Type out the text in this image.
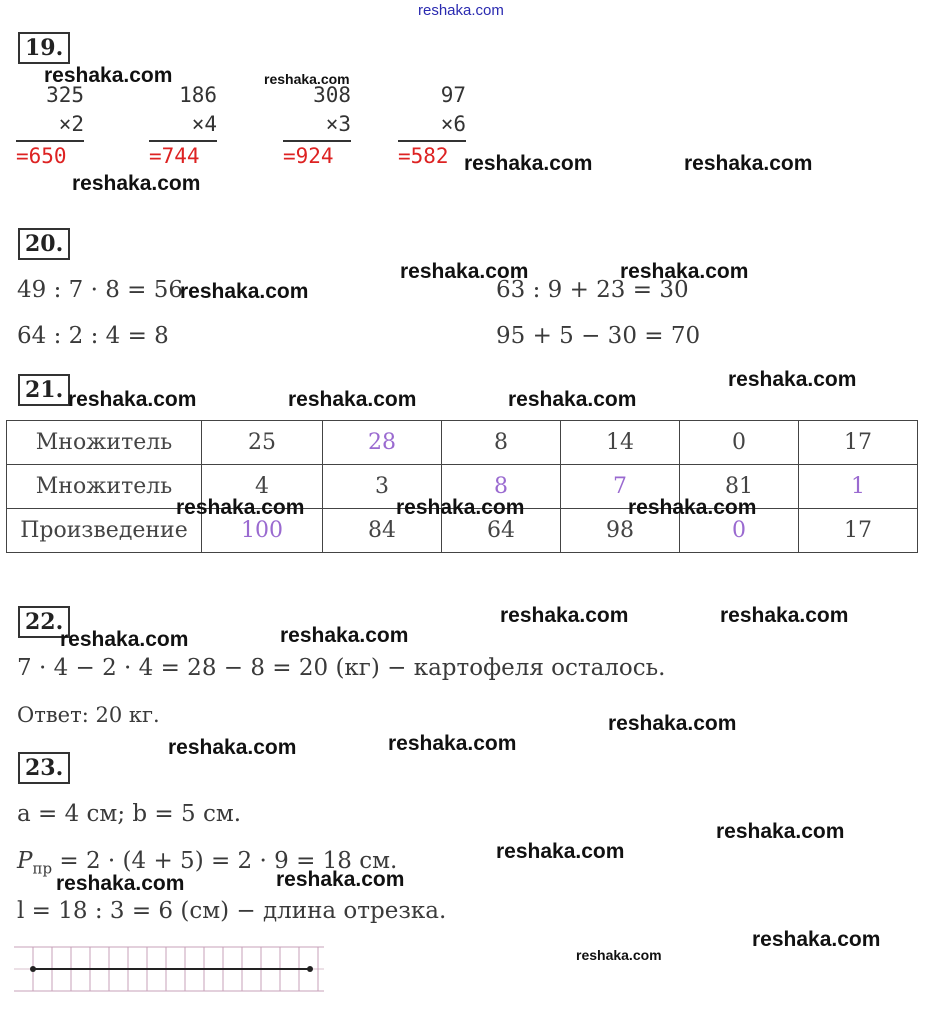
reshaka.com
19.
325
×2
=650
186
×4
=744
308
×3
=924
97
×6
=582
20.
49 : 7 · 8 = 56
64 : 2 : 4 = 8
63 : 9 + 23 = 30
95 + 5 − 30 = 70
21.
Множитель	25	28	8	14	0	17
Множитель	4	3	8	7	81	1
Произведение	100	84	64	98	0	17
22.
7 · 4 − 2 · 4 = 28 − 8 = 20 (кг) − картофеля осталось.
Ответ: 20 кг.
23.
a = 4 см; b = 5 см.
$P_{пр} = 2 \cdot (4 + 5) = 2 \cdot 9 = 18$ см.
l = 18 : 3 = 6 (см) − длина отрезка.
reshaka.com	reshaka.com
reshaka.com	reshaka.com
reshaka.com
reshaka.com	reshaka.com
reshaka.com
reshaka.com
reshaka.com	reshaka.com	reshaka.com
reshaka.com	reshaka.com	reshaka.com
reshaka.com	reshaka.com
reshaka.com
reshaka.com
reshaka.com
reshaka.com
reshaka.com
reshaka.com
reshaka.com
reshaka.com
reshaka.com
reshaka.com
reshaka.com
